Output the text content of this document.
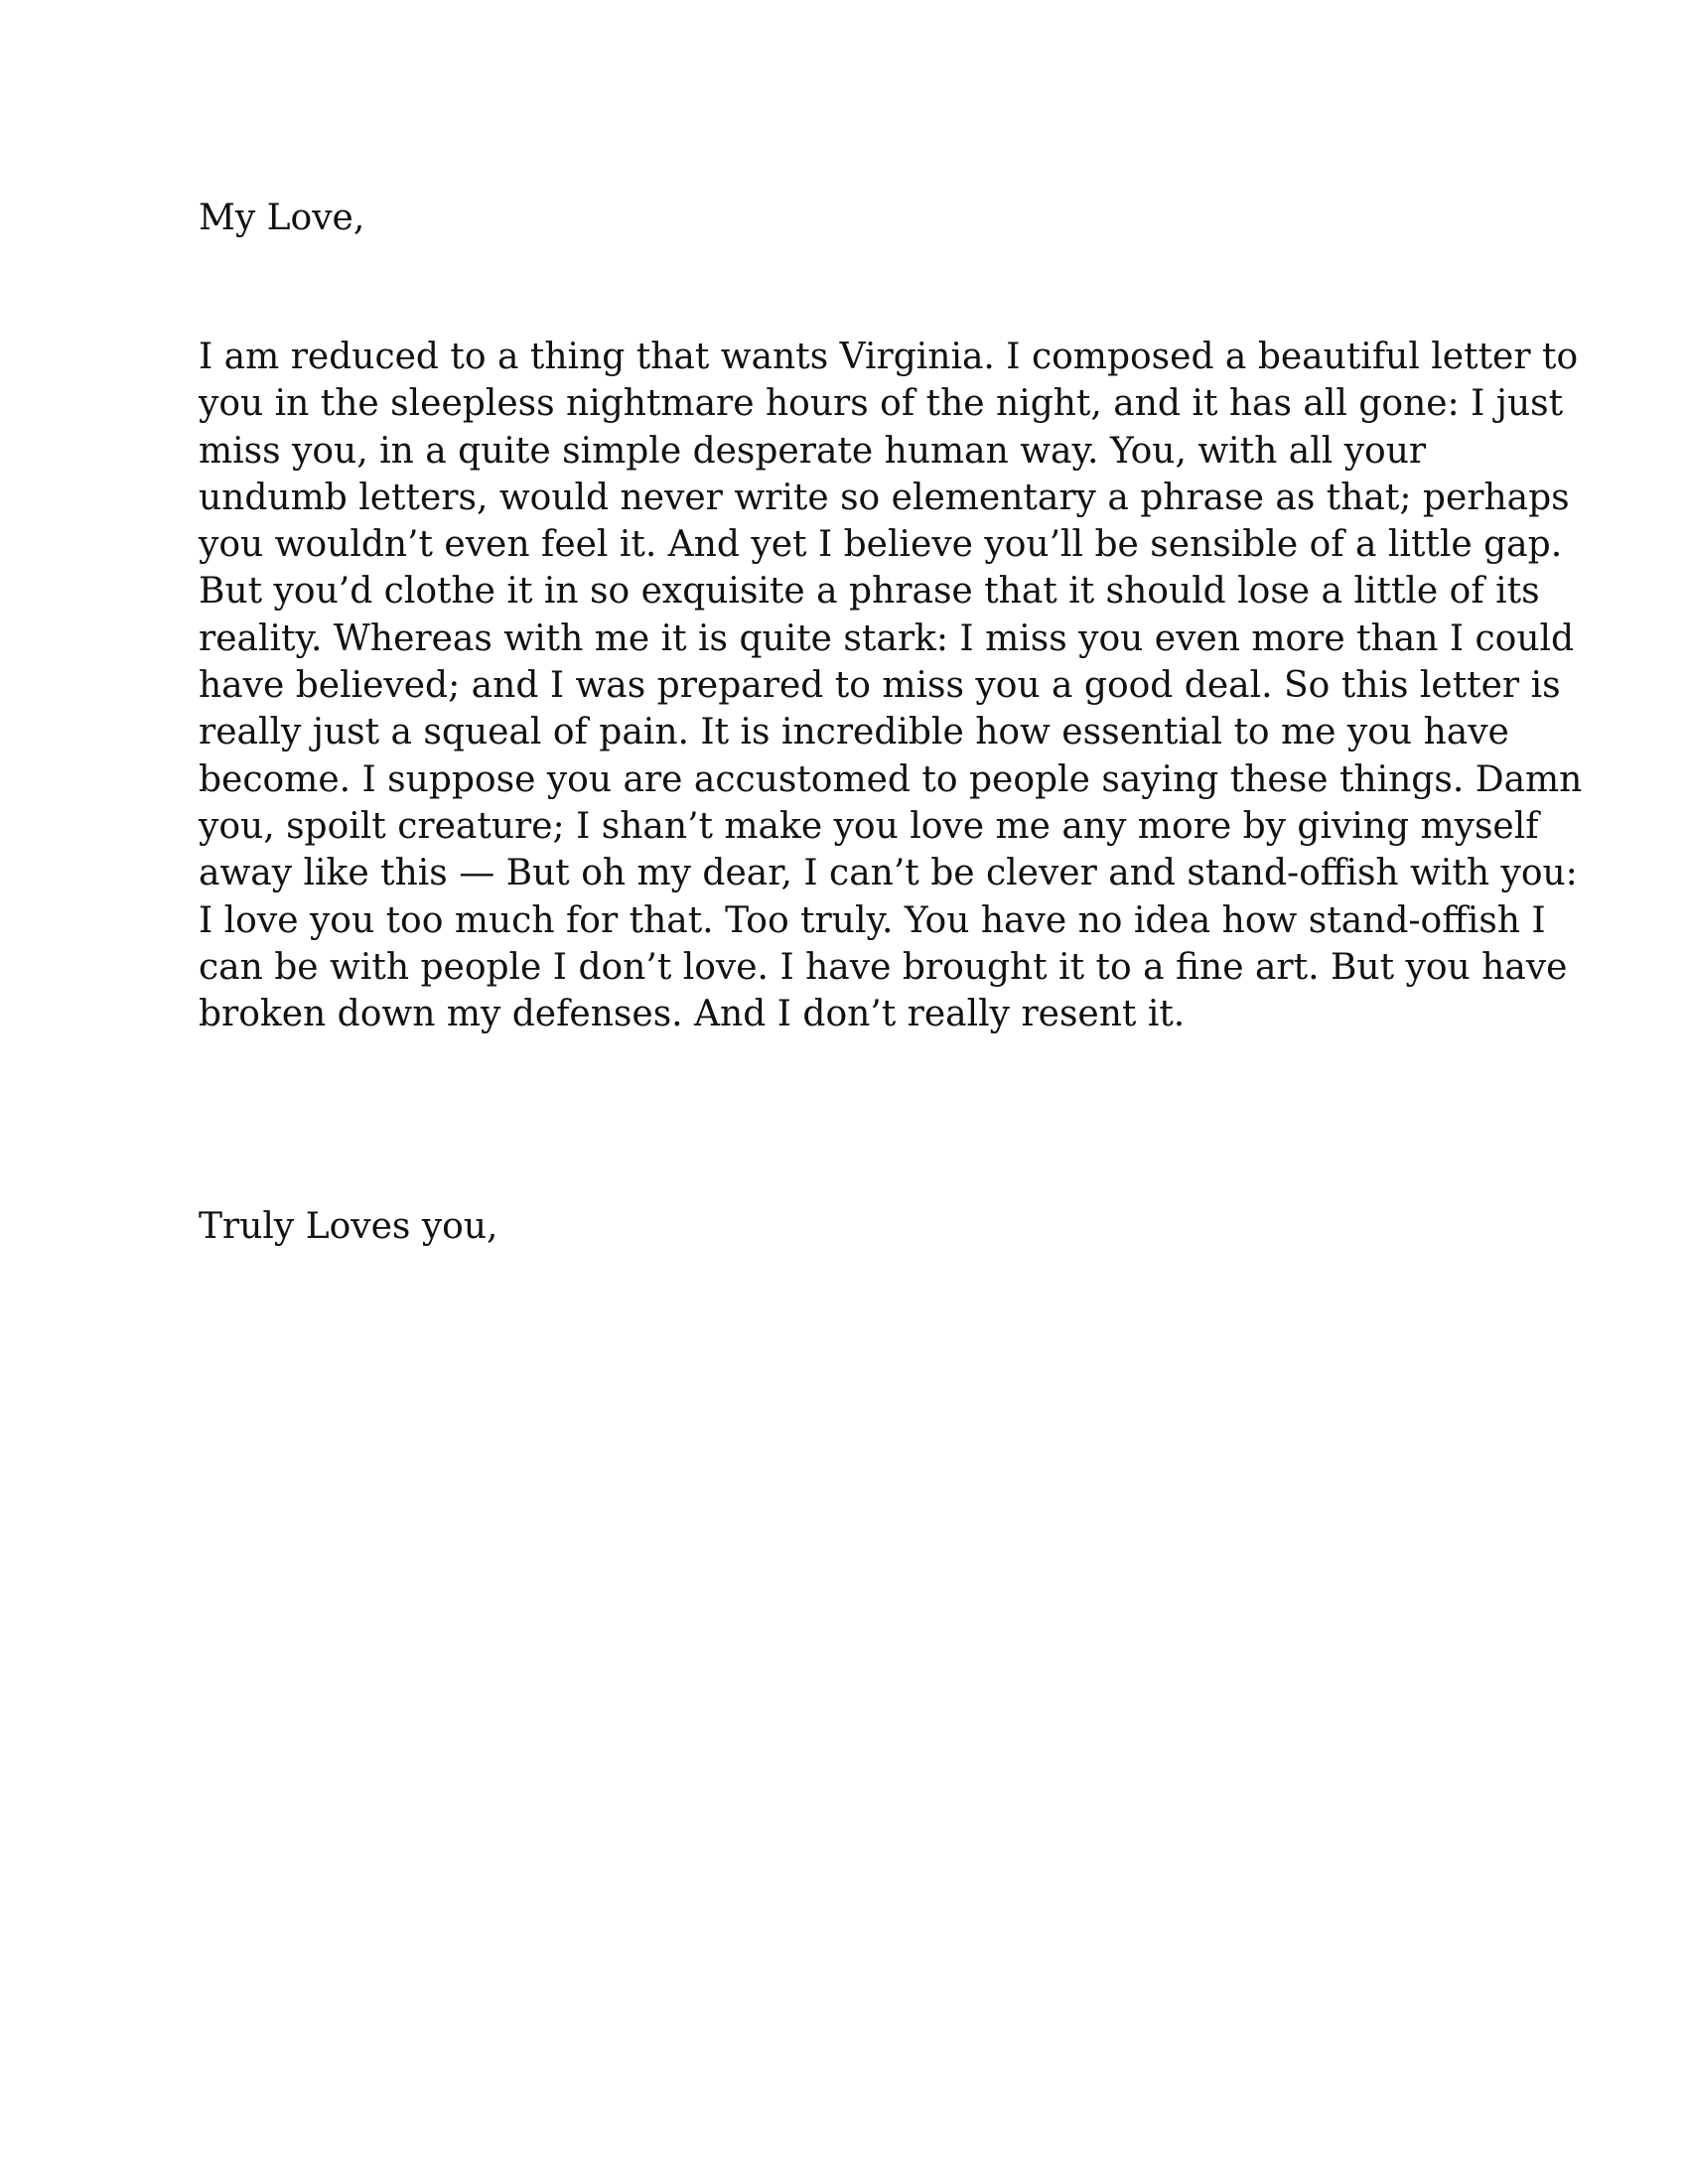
My Love,

I am reduced to a thing that wants Virginia. I composed a beautiful letter to
you in the sleepless nightmare hours of the night, and it has all gone: I just
miss you, in a quite simple desperate human way. You, with all your
undumb letters, would never write so elementary a phrase as that; perhaps
you wouldn’t even feel it. And yet I believe you’ll be sensible of a little gap.
But you’d clothe it in so exquisite a phrase that it should lose a little of its
reality. Whereas with me it is quite stark: I miss you even more than I could
have believed; and I was prepared to miss you a good deal. So this letter is
really just a squeal of pain. It is incredible how essential to me you have
become. I suppose you are accustomed to people saying these things. Damn
you, spoilt creature; I shan’t make you love me any more by giving myself
away like this — But oh my dear, I can’t be clever and stand-offish with you:
I love you too much for that. Too truly. You have no idea how stand-offish I
can be with people I don’t love. I have brought it to a fine art. But you have
broken down my defenses. And I don’t really resent it.

Truly Loves you,
